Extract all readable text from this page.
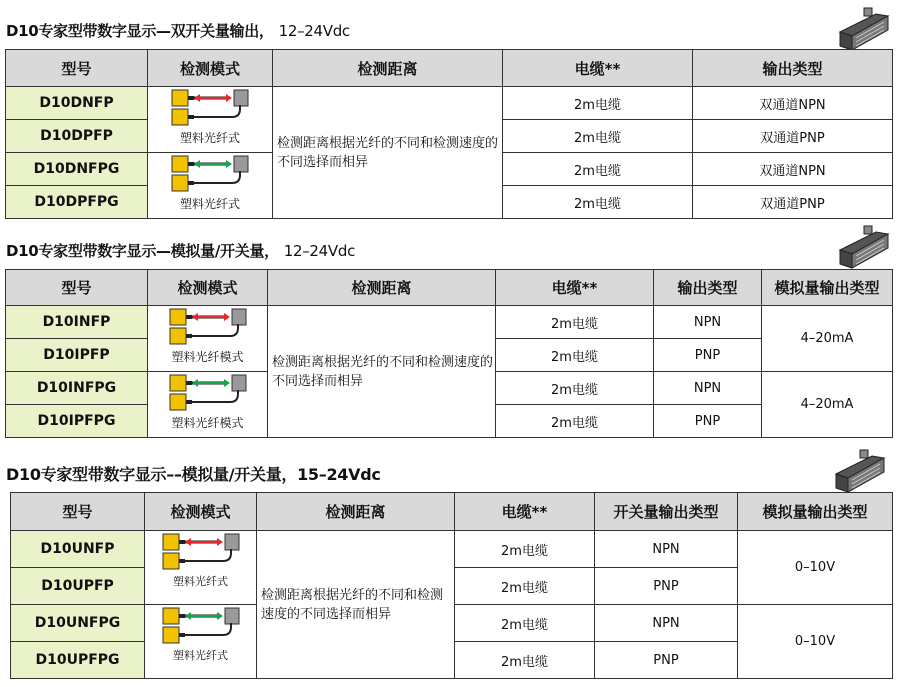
D10专家型带数字显示—双开关量输出， 12–24Vdc
型号	检测模式	检测距离	电缆**	输出类型
D10DNFP	塑料光纤式	检测距离根据光纤的不同和检测速度的不同选择而相异	2m电缆	双通道NPN
D10DPFP			2m电缆	双通道PNP
D10DNFPG	塑料光纤式		2m电缆	双通道NPN
D10DPFPG			2m电缆	双通道PNP
D10专家型带数字显示—模拟量/开关量， 12–24Vdc
型号	检测模式	检测距离	电缆**	输出类型	模拟量输出类型
D10INFP	塑料光纤模式	检测距离根据光纤的不同和检测速度的不同选择而相异	2m电缆	NPN	4–20mA
D10IPFP			2m电缆	PNP	
D10INFPG	塑料光纤模式		2m电缆	NPN	4–20mA
D10IPFPG			2m电缆	PNP	
D10专家型带数字显示––模拟量/开关量，15–24Vdc
型号	检测模式	检测距离	电缆**	开关量输出类型	模拟量输出类型
D10UNFP	塑料光纤式	检测距离根据光纤的不同和检测速度的不同选择而相异	2m电缆	NPN	0–10V
D10UPFP			2m电缆	PNP	
D10UNFPG	塑料光纤式		2m电缆	NPN	0–10V
D10UPFPG			2m电缆	PNP	
